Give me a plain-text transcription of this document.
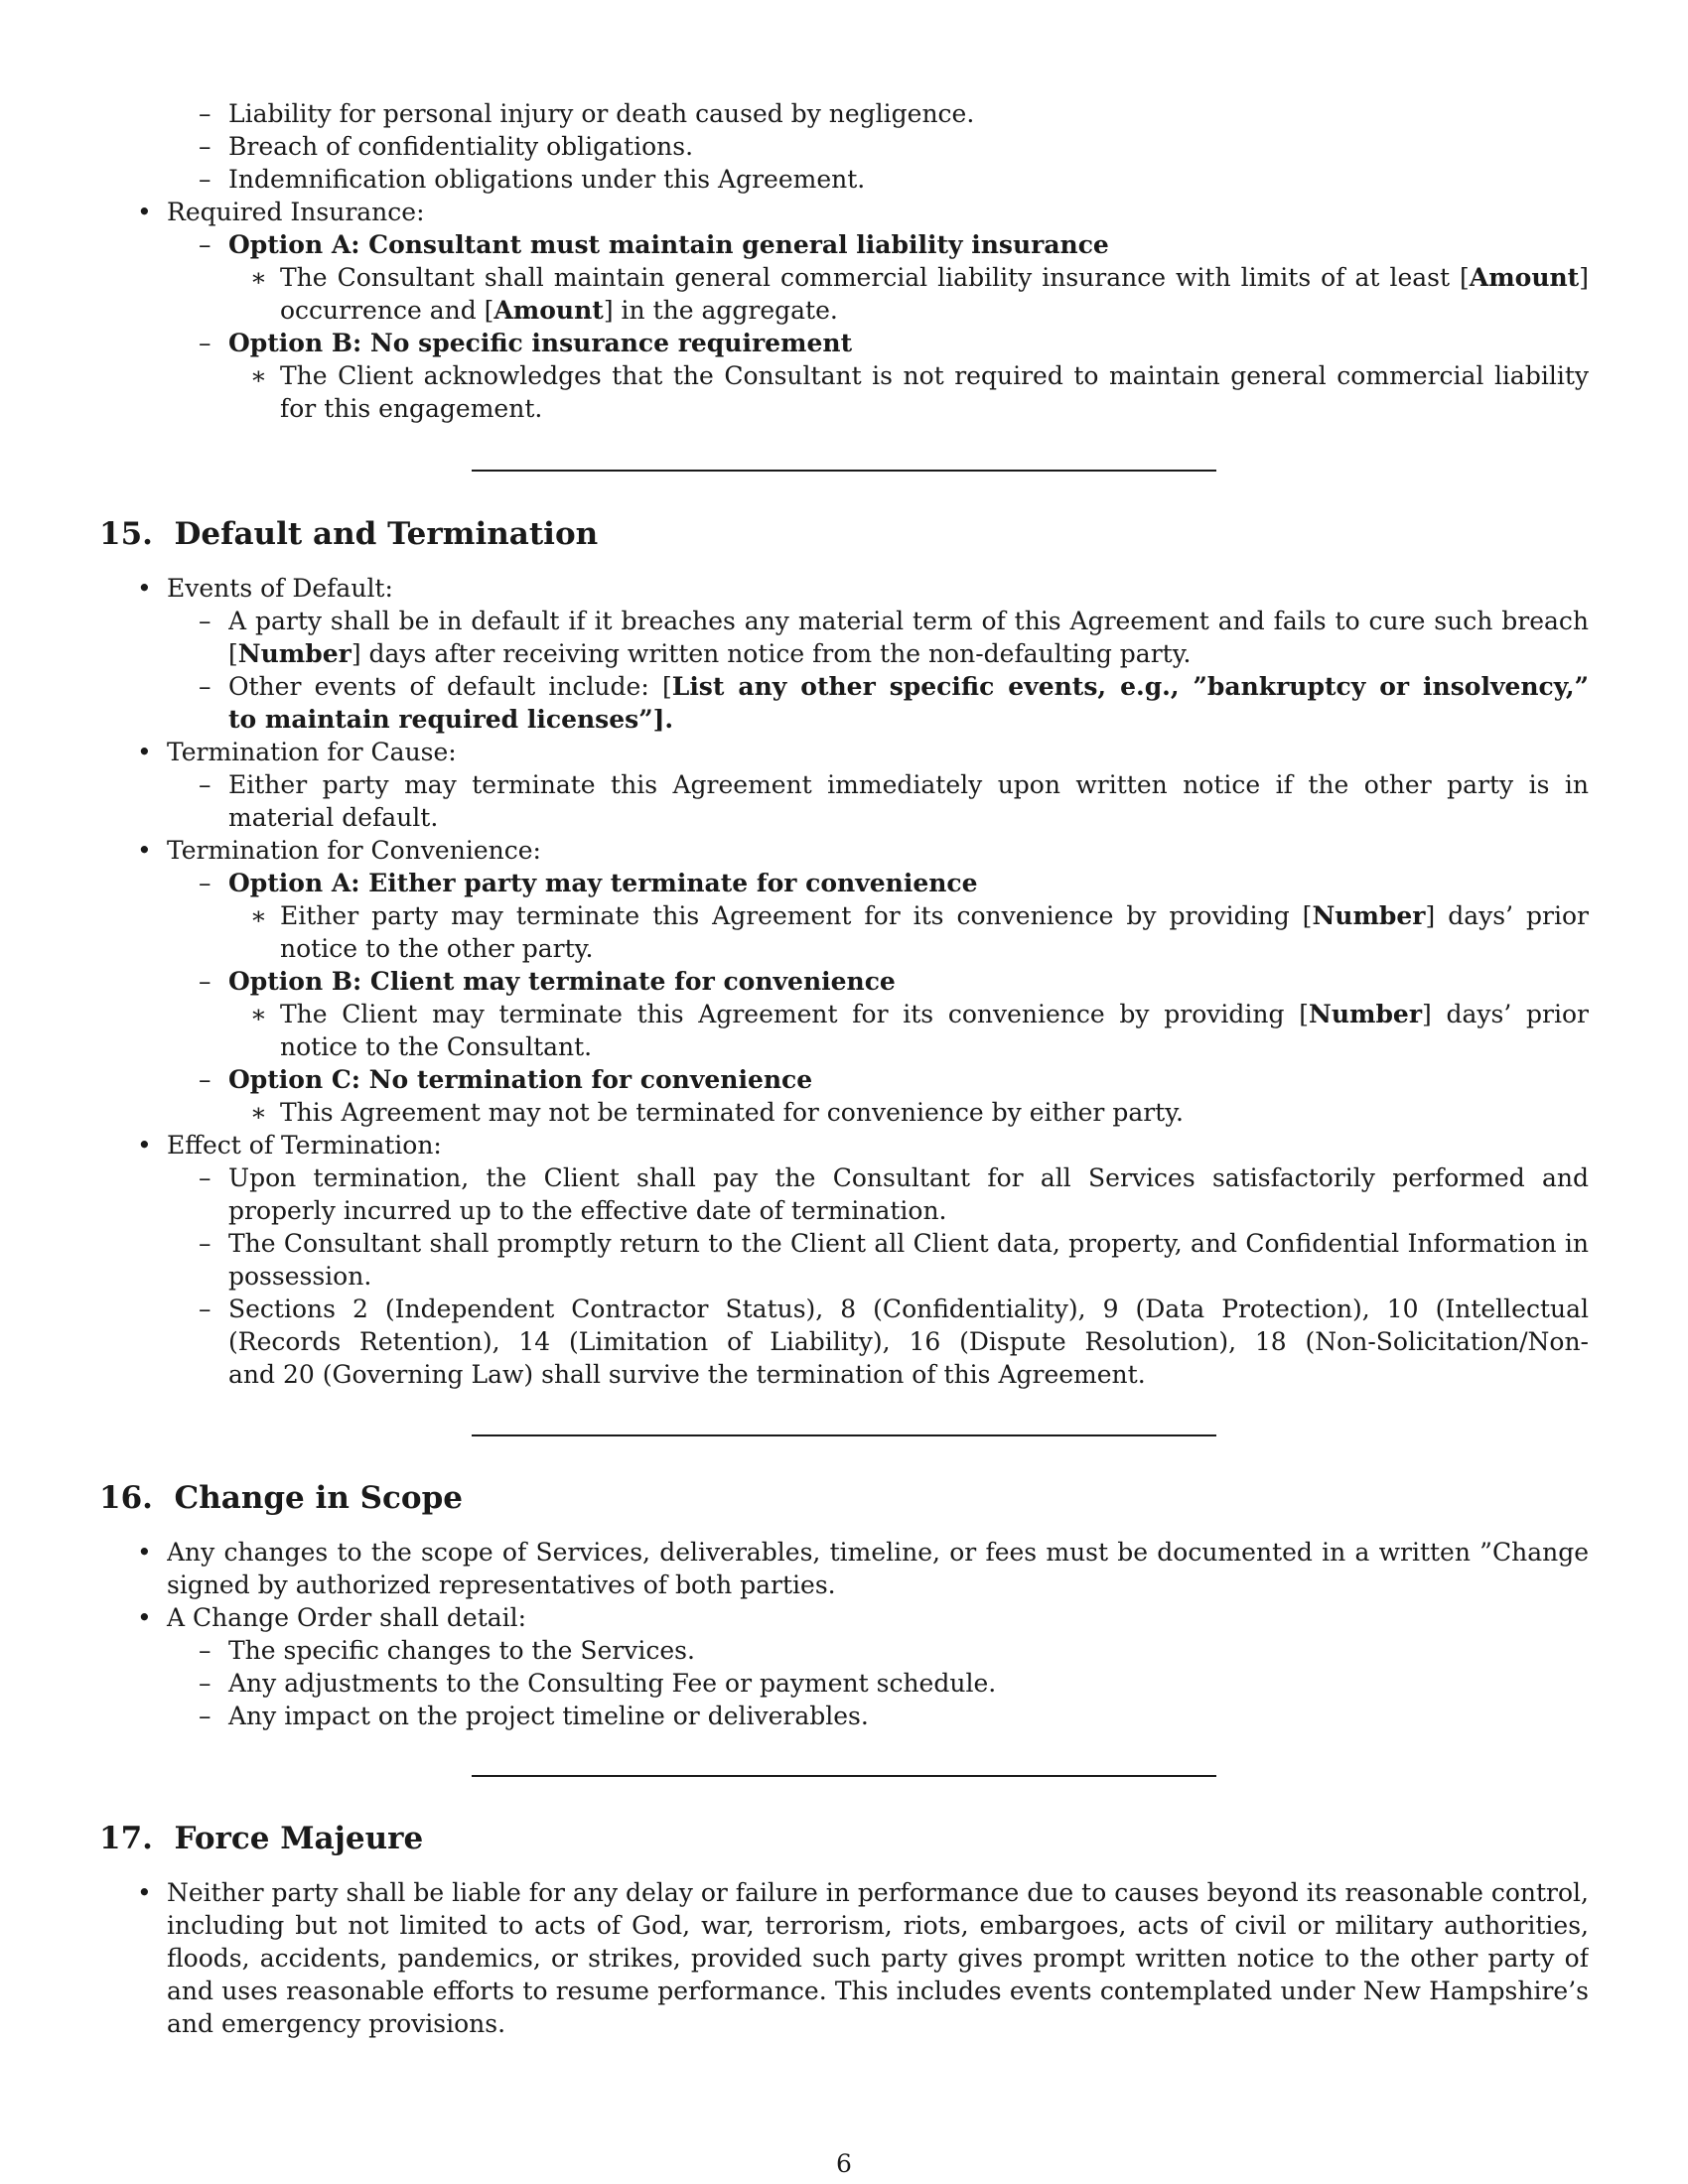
– Liability for personal injury or death caused by negligence.
– Breach of confidentiality obligations.
– Indemnification obligations under this Agreement.
• Required Insurance:
– Option A: Consultant must maintain general liability insurance
∗ The Consultant shall maintain general commercial liability insurance with limits of at least [Amount]
occurrence and [Amount] in the aggregate.
– Option B: No specific insurance requirement
∗ The Client acknowledges that the Consultant is not required to maintain general commercial liability
for this engagement.
15. Default and Termination
• Events of Default:
– A party shall be in default if it breaches any material term of this Agreement and fails to cure such breach
[Number] days after receiving written notice from the non-defaulting party.
– Other events of default include: [List any other specific events, e.g., ”bankruptcy or insolvency,”
to maintain required licenses”].
• Termination for Cause:
– Either party may terminate this Agreement immediately upon written notice if the other party is in
material default.
• Termination for Convenience:
– Option A: Either party may terminate for convenience
∗ Either party may terminate this Agreement for its convenience by providing [Number] days’ prior
notice to the other party.
– Option B: Client may terminate for convenience
∗ The Client may terminate this Agreement for its convenience by providing [Number] days’ prior
notice to the Consultant.
– Option C: No termination for convenience
∗ This Agreement may not be terminated for convenience by either party.
• Effect of Termination:
– Upon termination, the Client shall pay the Consultant for all Services satisfactorily performed and
properly incurred up to the effective date of termination.
– The Consultant shall promptly return to the Client all Client data, property, and Confidential Information in
possession.
– Sections 2 (Independent Contractor Status), 8 (Confidentiality), 9 (Data Protection), 10 (Intellectual
(Records Retention), 14 (Limitation of Liability), 16 (Dispute Resolution), 18 (Non-Solicitation/Non-
and 20 (Governing Law) shall survive the termination of this Agreement.
16. Change in Scope
• Any changes to the scope of Services, deliverables, timeline, or fees must be documented in a written ”Change
signed by authorized representatives of both parties.
• A Change Order shall detail:
– The specific changes to the Services.
– Any adjustments to the Consulting Fee or payment schedule.
– Any impact on the project timeline or deliverables.
17. Force Majeure
• Neither party shall be liable for any delay or failure in performance due to causes beyond its reasonable control,
including but not limited to acts of God, war, terrorism, riots, embargoes, acts of civil or military authorities,
floods, accidents, pandemics, or strikes, provided such party gives prompt written notice to the other party of
and uses reasonable efforts to resume performance. This includes events contemplated under New Hampshire’s
and emergency provisions.
6
